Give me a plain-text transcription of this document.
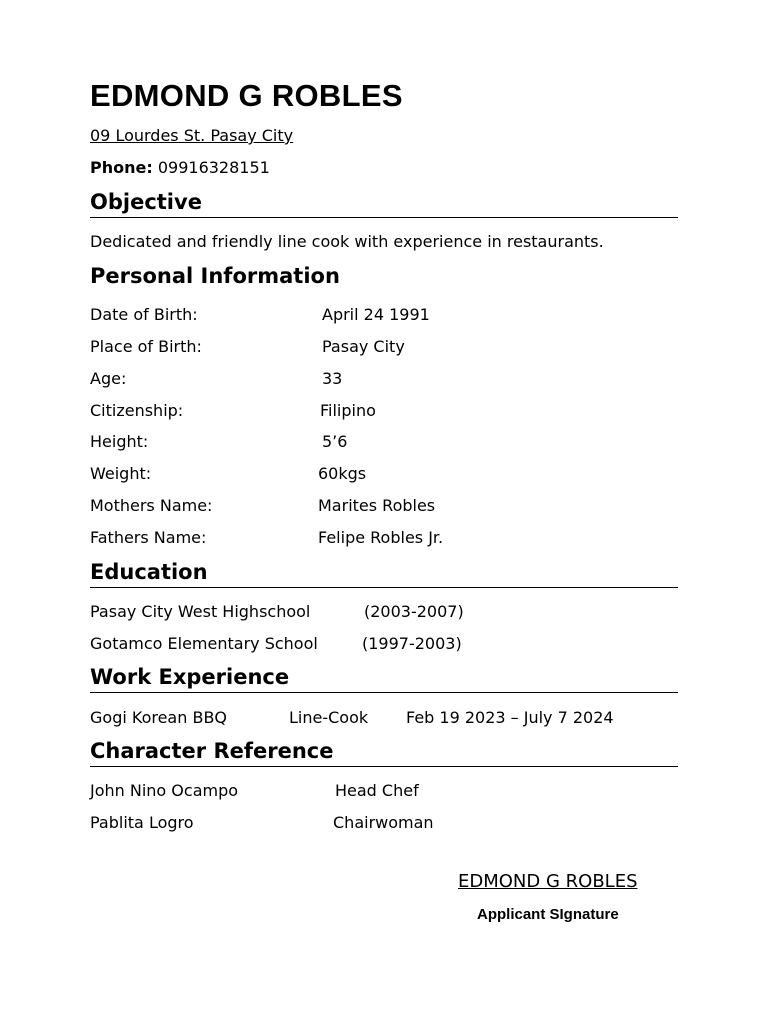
EDMOND G ROBLES
09 Lourdes St. Pasay City
Phone: 09916328151
Objective
Dedicated and friendly line cook with experience in restaurants.
Personal Information
Date of Birth:	April 24 1991
Place of Birth:	Pasay City
Age:	33
Citizenship:	Filipino
Height:	5’6
Weight:	60kgs
Mothers Name:	Marites Robles
Fathers Name:	Felipe Robles Jr.
Education
Pasay City West Highschool	(2003-2007)
Gotamco Elementary School	(1997-2003)
Work Experience
Gogi Korean BBQ	Line-Cook Feb 19 2023 – July 7 2024
Character Reference
John Nino Ocampo	Head Chef
Pablita Logro	Chairwoman
EDMOND G ROBLES
Applicant SIgnature
